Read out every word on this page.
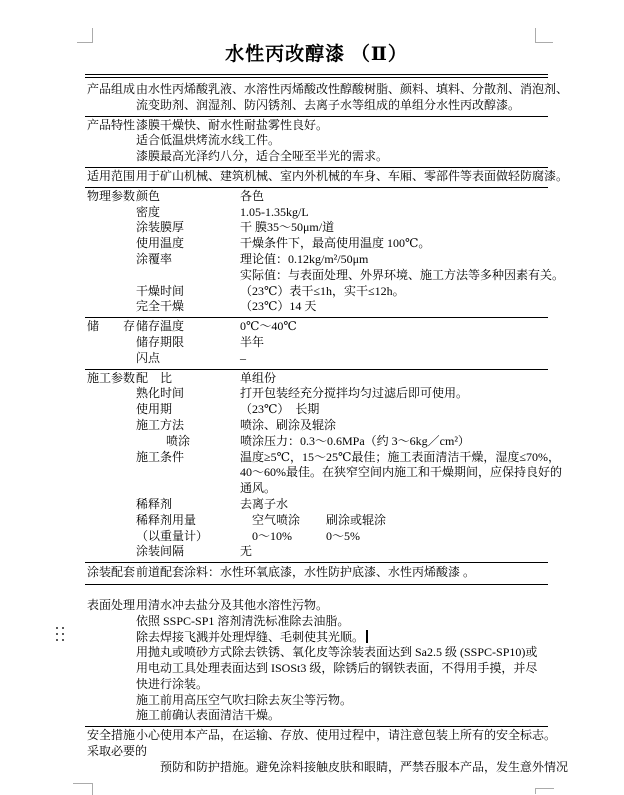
水性丙改醇漆 （Ⅱ）
产品组成 由水性丙烯酸乳液、水溶性丙烯酸改性醇酸树脂、颜料、填料、分散剂、消泡剂、
流变助剂、润湿剂、防闪锈剂、去离子水等组成的单组分水性丙改醇漆。
产品特性 漆膜干燥快、耐水性耐盐雾性良好。
适合低温烘烤流水线工件。
漆膜最高光泽约八分，适合全哑至半光的需求。
适用范围 用于矿山机械、建筑机械、室内外机械的车身、车厢、零部件等表面做轻防腐漆。
物理参数 颜色	各色
密度	1.05-1.35kg/L
涂装膜厚	干 膜35～50μm/道
使用温度	干燥条件下，最高使用温度 100℃。
涂覆率	理论值：0.12kg/m²/50μm
实际值：与表面处理、外界环境、施工方法等多种因素有关。
干燥时间	（23℃）表干≤1h，实干≤12h。
完全干燥	（23℃）14 天
储　　存 储存温度	0℃～40℃
储存期限	半年
闪点	–
施工参数 配　比	单组份
熟化时间	打开包装经充分搅拌均匀过滤后即可使用。
使用期	（23℃）　长期
施工方法	喷涂、刷涂及辊涂
喷涂	喷涂压力：0.3～0.6MPa（约 3～6kg／cm²）
施工条件	温度≥5℃，15～25℃最佳；施工表面清洁干燥，湿度≤70%，
40～60%最佳。在狭窄空间内施工和干燥期间，应保持良好的
通风。
稀释剂	去离子水
稀释剂用量	空气喷涂 刷涂或辊涂
（以重量计）	0～10%	0～5%
涂装间隔	无
涂装配套 前道配套涂料：水性环氧底漆，水性防护底漆、水性丙烯酸漆 。
表面处理 用清水冲去盐分及其他水溶性污物。
依照 SSPC-SP1 溶剂清洗标准除去油脂。
除去焊接飞溅并处理焊缝、毛刺使其光顺。
用抛丸或喷砂方式除去铁锈、氧化皮等涂装表面达到 Sa2.5 级 (SSPC-SP10)或
用电动工具处理表面达到 ISOSt3 级，除锈后的钢铁表面，不得用手摸，并尽
快进行涂装。
施工前用高压空气吹扫除去灰尘等污物。
施工前确认表面清洁干燥。
安全措施 小心使用本产品，在运输、存放、使用过程中，请注意包装上所有的安全标志。
采取必要的
预防和防护措施。避免涂料接触皮肤和眼睛，严禁吞服本产品，发生意外情况
